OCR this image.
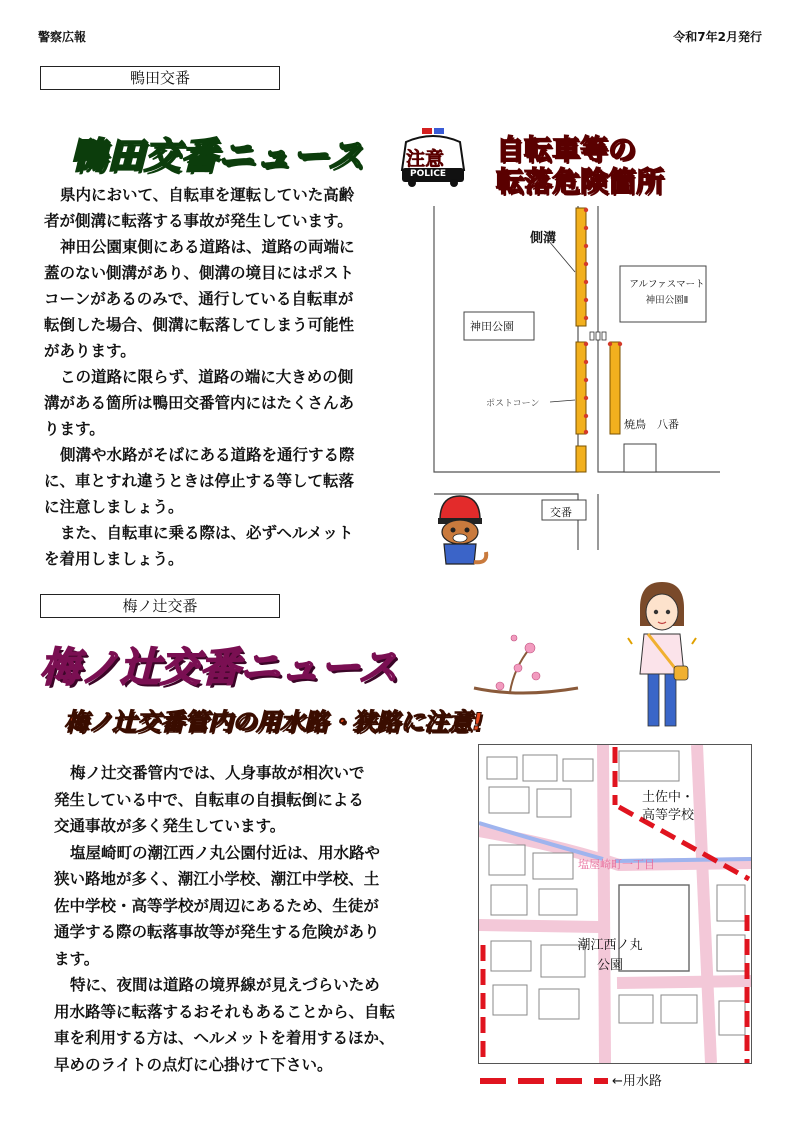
警察広報	令和7年2月発行
鴨田交番
鴨田交番ニュース 注意
POLICE
自転車等の
転落危険箇所

県内において、自転車を運転していた高齢

者が側溝に転落する事故が発生しています。

神田公園東側にある道路は、道路の両端に

蓋のない側溝があり、側溝の境目にはポスト

コーンがあるのみで、通行している自転車が

転倒した場合、側溝に転落してしまう可能性

があります。

この道路に限らず、道路の端に大きめの側

溝がある箇所は鴨田交番管内にはたくさんあ

ります。

側溝や水路がそばにある道路を通行する際

に、車とすれ違うときは停止する等して転落

に注意しましょう。

また、自転車に乗る際は、必ずヘルメット

を着用しましょう。

側溝
アルファスマート
神田公園Ⅱ
神田公園
ポストコーン
焼鳥　八番
交番
梅ノ辻交番
梅ノ辻交番ニュース
梅ノ辻交番管内の用水路・狭路に注意!

梅ノ辻交番管内では、人身事故が相次いで

発生している中で、自転車の自損転倒による

交通事故が多く発生しています。

塩屋崎町の潮江西ノ丸公園付近は、用水路や

狭い路地が多く、潮江小学校、潮江中学校、土

佐中学校・高等学校が周辺にあるため、生徒が

通学する際の転落事故等が発生する危険があり

ます。

特に、夜間は道路の境界線が見えづらいため

用水路等に転落するおそれもあることから、自転

車を利用する方は、ヘルメットを着用するほか、

早めのライトの点灯に心掛けて下さい。

土佐中・
高等学校
塩屋崎町一丁目
潮江西ノ丸
公園
←用水路
